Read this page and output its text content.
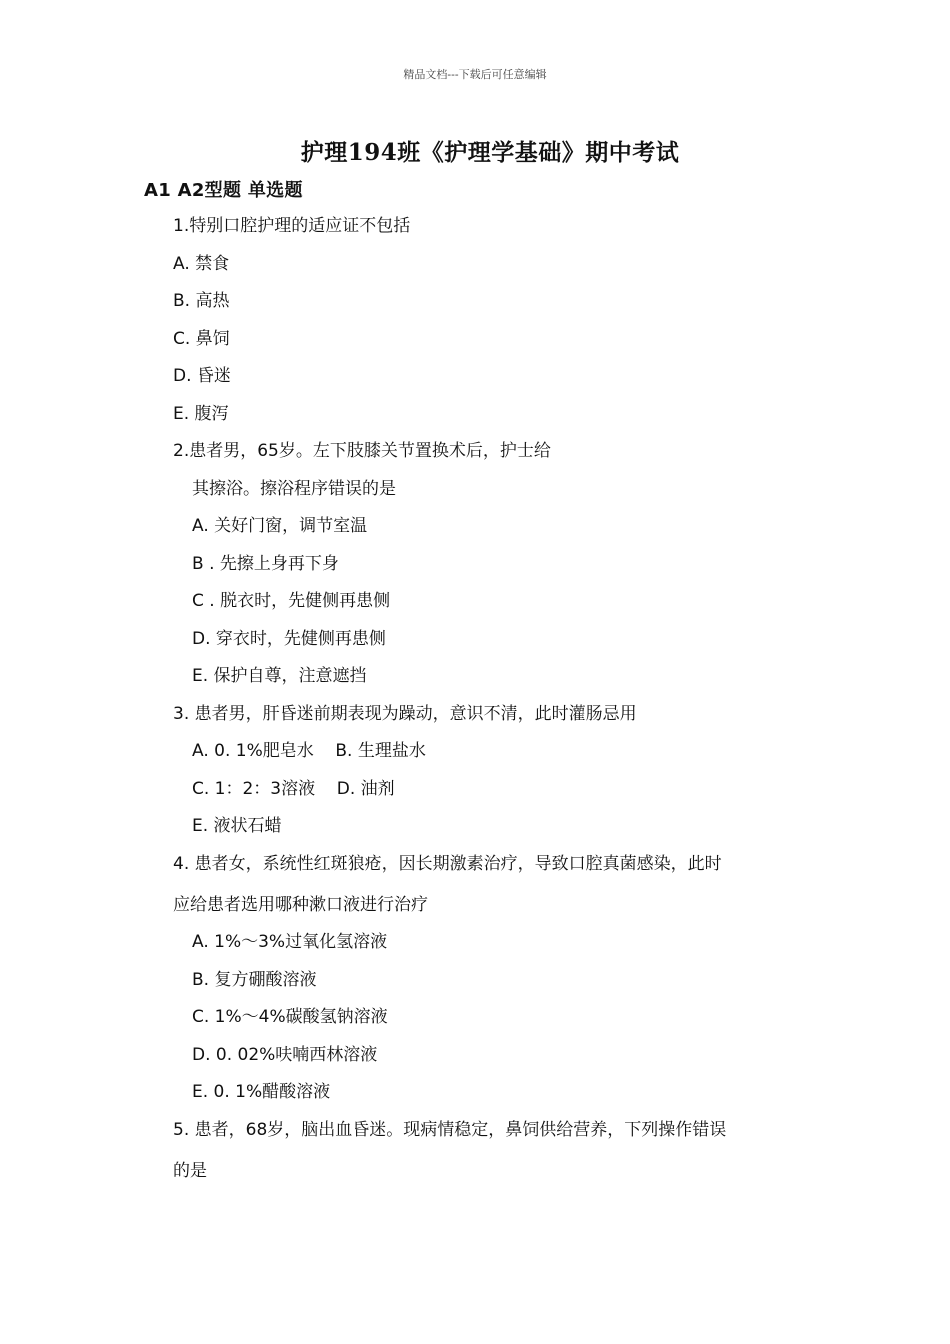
精品文档---下载后可任意编辑
护理194班《护理学基础》期中考试
A1 A2型题 单选题
1.特别口腔护理的适应证不包括
A. 禁食
B. 高热
C. 鼻饲
D. 昏迷
E. 腹泻
2.患者男，65岁。左下肢膝关节置换术后，护士给
其擦浴。擦浴程序错误的是
A. 关好门窗，调节室温
B . 先擦上身再下身
C . 脱衣时，先健侧再患侧
D. 穿衣时，先健侧再患侧
E. 保护自尊，注意遮挡
3. 患者男，肝昏迷前期表现为躁动，意识不清，此时灌肠忌用
A. 0. 1%肥皂水    B. 生理盐水
C. 1：2：3溶液    D. 油剂
E. 液状石蜡
4. 患者女，系统性红斑狼疮，因长期激素治疗，导致口腔真菌感染，此时
应给患者选用哪种漱口液进行治疗
A. 1%～3%过氧化氢溶液
B. 复方硼酸溶液
C. 1%～4%碳酸氢钠溶液
D. 0. 02%呋喃西林溶液
E. 0. 1%醋酸溶液
5. 患者，68岁，脑出血昏迷。现病情稳定，鼻饲供给营养，下列操作错误
的是
